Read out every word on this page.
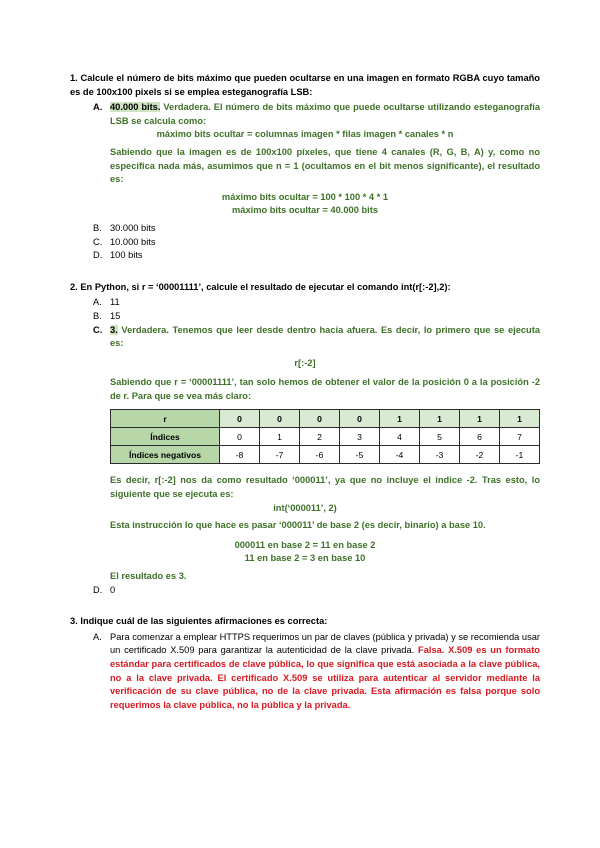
1. Calcule el número de bits máximo que pueden ocultarse en una imagen en formato RGBA cuyo tamaño es de 100x100 pixels si se emplea esteganografía LSB:

A. 40.000 bits. Verdadera. El número de bits máximo que puede ocultarse utilizando esteganografía LSB se calcula como:
máximo bits ocultar = columnas imagen * filas imagen * canales * n
Sabiendo que la imagen es de 100x100 píxeles, que tiene 4 canales (R, G, B, A) y, como no especifica nada más, asumimos que n = 1 (ocultamos en el bit menos significante), el resultado es:
máximo bits ocultar = 100 * 100 * 4 * 1
máximo bits ocultar = 40.000 bits
B. 30.000 bits
C. 10.000 bits
D. 100 bits

2. En Python, si r = ‘00001111’, calcule el resultado de ejecutar el comando int(r[:-2],2):

A. 11
B. 15
C. 3. Verdadera. Tenemos que leer desde dentro hacia afuera. Es decir, lo primero que se ejecuta es:
r[:-2]
Sabiendo que r = ‘00001111’, tan solo hemos de obtener el valor de la posición 0 a la posición -2 de r. Para que se vea más claro:
r	0	0	0	0	1	1	1	1
Índices	0	1	2	3	4	5	6	7
Índices negativos	-8	-7	-6	-5	-4	-3	-2	-1
Es decir, r[:-2] nos da como resultado ‘000011’, ya que no incluye el índice -2. Tras esto, lo siguiente que se ejecuta es:
int(‘000011’, 2)
Esta instrucción lo que hace es pasar ‘000011’ de base 2 (es decir, binario) a base 10.
000011 en base 2 = 11 en base 2
11 en base 2 = 3 en base 10
El resultado es 3.
D. 0

3. Indique cuál de las siguientes afirmaciones es correcta:

A. Para comenzar a emplear HTTPS requerimos un par de claves (pública y privada) y se recomienda usar un certificado X.509 para garantizar la autenticidad de la clave privada. Falsa. X.509 es un formato estándar para certificados de clave pública, lo que significa que está asociada a la clave pública, no a la clave privada. El certificado X.509 se utiliza para autenticar al servidor mediante la verificación de su clave pública, no de la clave privada. Esta afirmación es falsa porque solo requerimos la clave pública, no la pública y la privada.
